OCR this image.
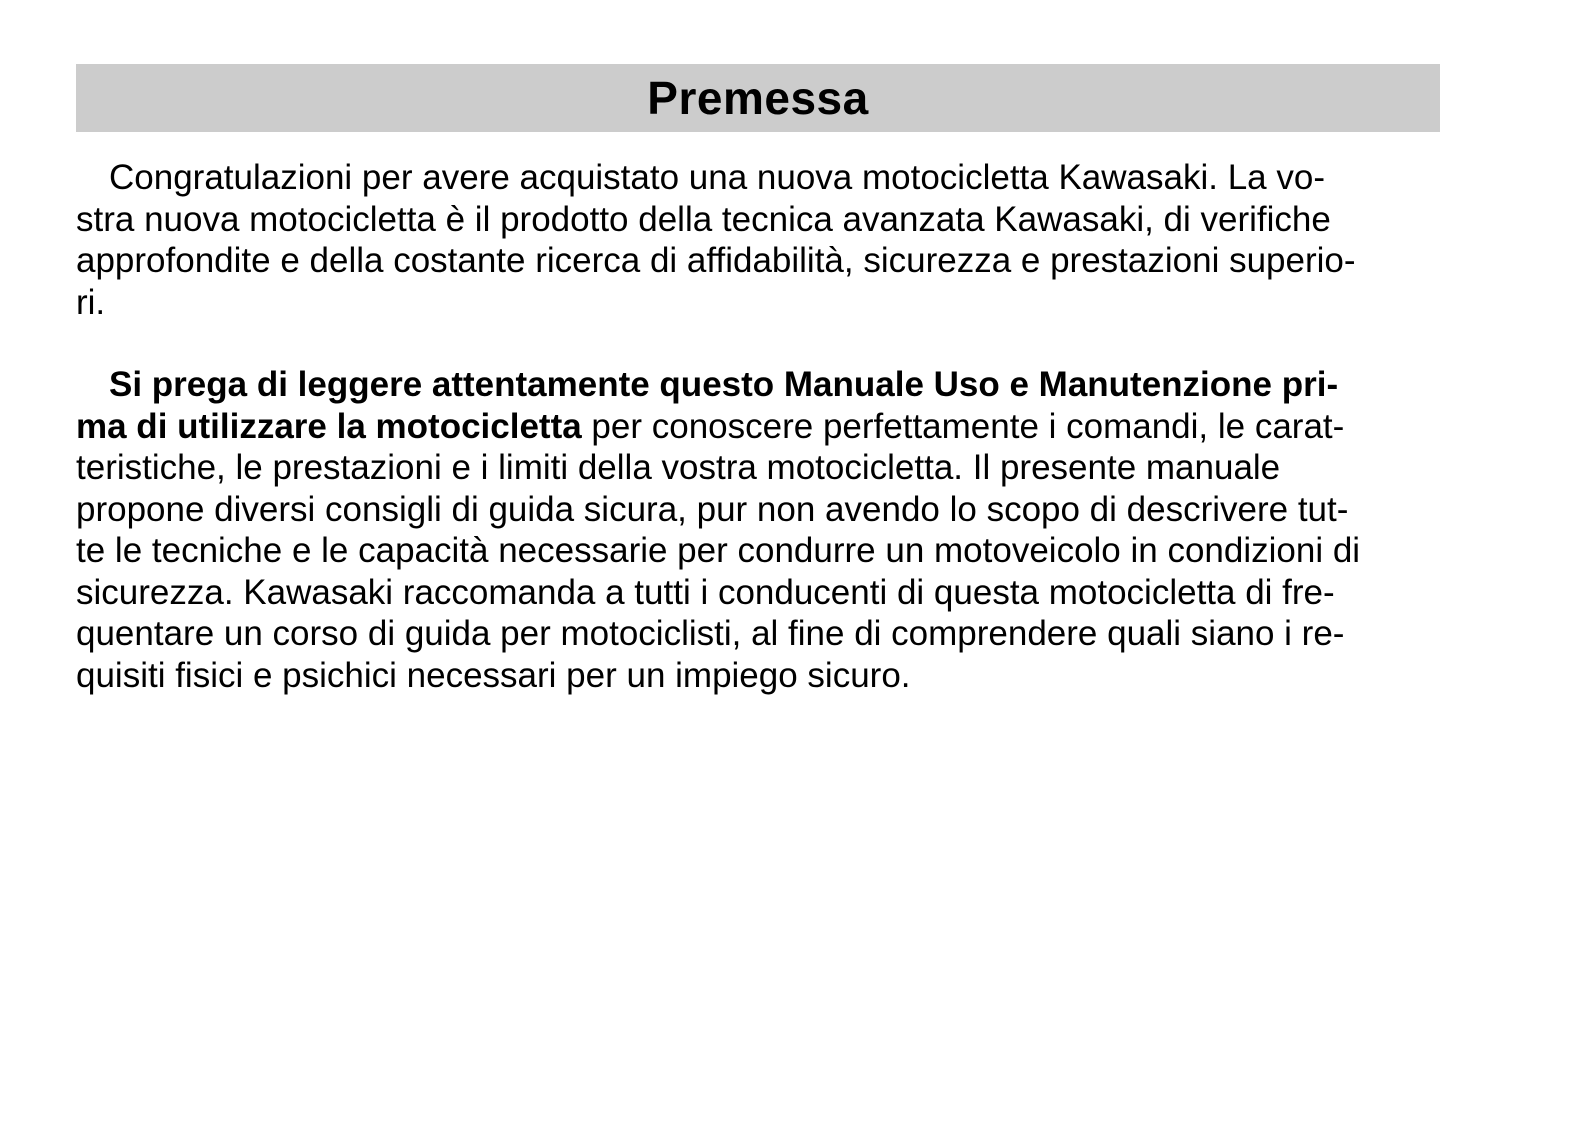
Premessa

Congratulazioni per avere acquistato una nuova motocicletta Kawasaki. La vo-
stra nuova motocicletta è il prodotto della tecnica avanzata Kawasaki, di verifiche
approfondite e della costante ricerca di affidabilità, sicurezza e prestazioni superio-
ri.

Si prega di leggere attentamente questo Manuale Uso e Manutenzione pri-
ma di utilizzare la motocicletta per conoscere perfettamente i comandi, le carat-
teristiche, le prestazioni e i limiti della vostra motocicletta. Il presente manuale
propone diversi consigli di guida sicura, pur non avendo lo scopo di descrivere tut-
te le tecniche e le capacità necessarie per condurre un motoveicolo in condizioni di
sicurezza. Kawasaki raccomanda a tutti i conducenti di questa motocicletta di fre-
quentare un corso di guida per motociclisti, al fine di comprendere quali siano i re-
quisiti fisici e psichici necessari per un impiego sicuro.
